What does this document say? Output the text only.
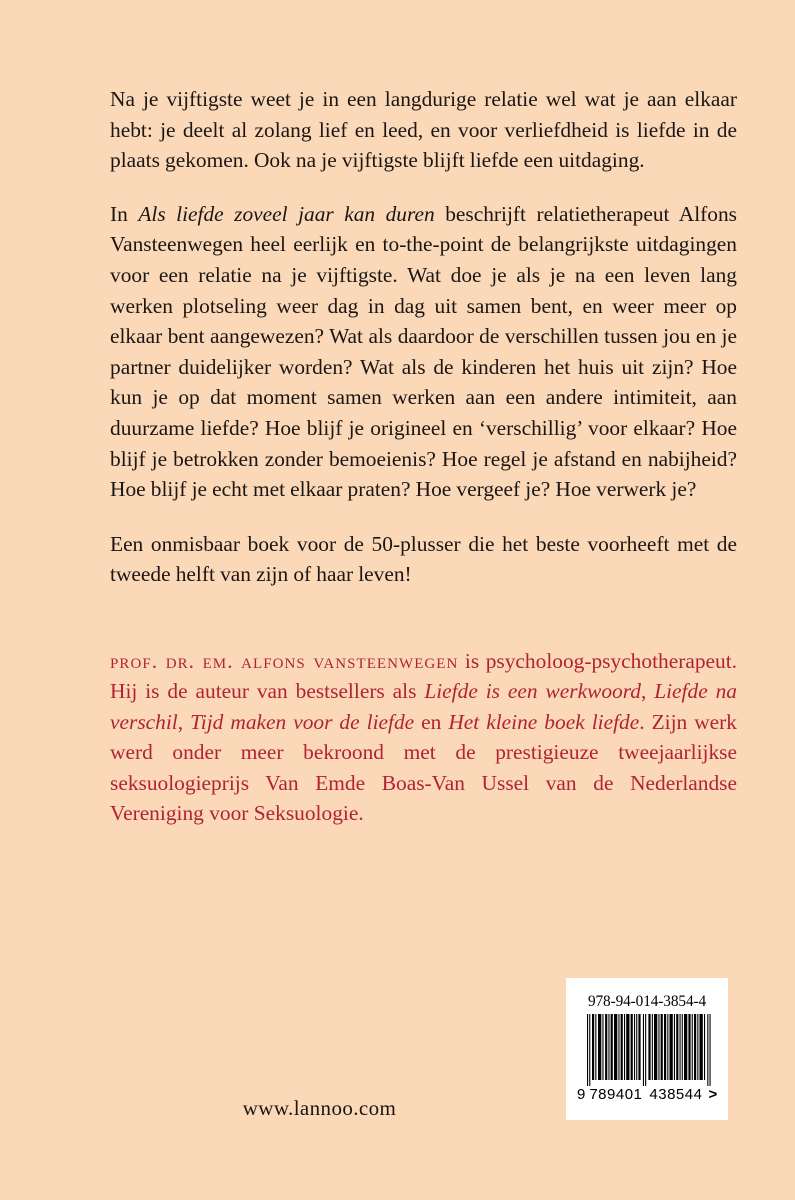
Na je vijftigste weet je in een langdurige relatie wel wat je aan elkaar hebt: je deelt al zolang lief en leed, en voor verliefdheid is liefde in de plaats gekomen. Ook na je vijftigste blijft liefde een uitdaging.

In Als liefde zoveel jaar kan duren beschrijft relatietherapeut Alfons Vansteenwegen heel eerlijk en to-the-point de belangrijkste uitdagingen voor een relatie na je vijftigste. Wat doe je als je na een leven lang werken plotseling weer dag in dag uit samen bent, en weer meer op elkaar bent aangewezen? Wat als daardoor de verschillen tussen jou en je partner duidelijker worden? Wat als de kinderen het huis uit zijn? Hoe kun je op dat moment samen werken aan een andere intimiteit, aan duurzame liefde? Hoe blijf je origineel en ‘verschillig’ voor elkaar? Hoe blijf je betrokken zonder bemoeienis? Hoe regel je afstand en nabijheid? Hoe blijf je echt met elkaar praten? Hoe vergeef je? Hoe verwerk je?

Een onmisbaar boek voor de 50-plusser die het beste voorheeft met de tweede helft van zijn of haar leven!

prof. dr. em. alfons vansteenwegen is psycholoog-psychotherapeut. Hij is de auteur van bestsellers als Liefde is een werkwoord, Liefde na verschil, Tijd maken voor de liefde en Het kleine boek liefde. Zijn werk werd onder meer bekroond met de prestigieuze tweejaarlijkse seksuologieprijs Van Emde Boas-Van Ussel van de Nederlandse Vereniging voor Seksuologie.

www.lannoo.com
978-94-014-3854-4
9 789401 438544 >
